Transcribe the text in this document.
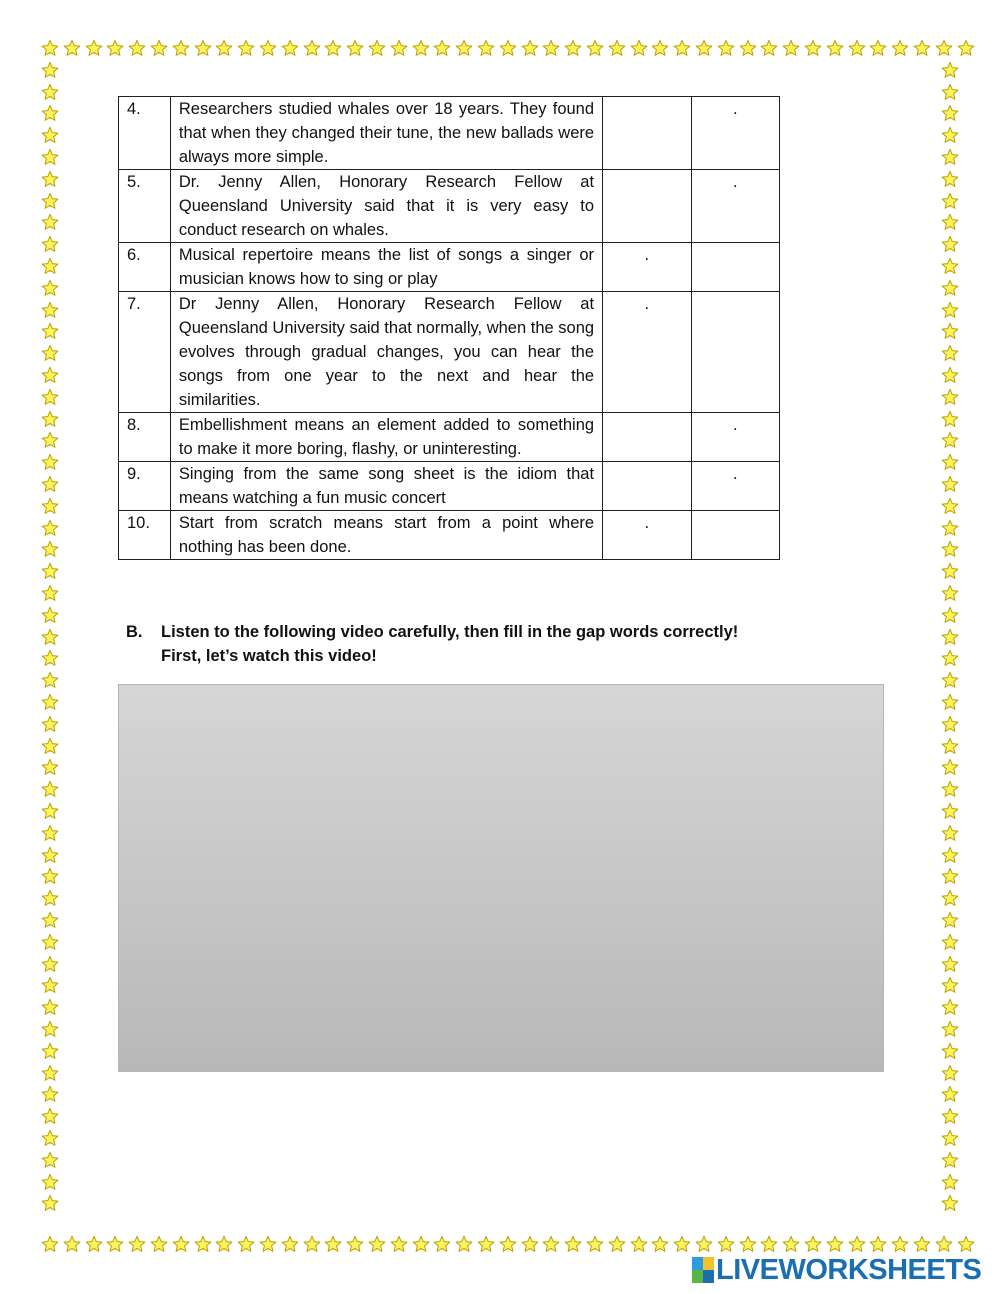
4.	Researchers studied whales over 18 years. They found that when they changed their tune, the new ballads were always more simple.		.
5.	Dr. Jenny Allen, Honorary Research Fellow at Queensland University said that it is very easy to conduct research on whales.		.
6.	Musical repertoire means the list of songs a singer or musician knows how to sing or play	.	
7.	Dr Jenny Allen, Honorary Research Fellow at Queensland University said that normally, when the song evolves through gradual changes, you can hear the songs from one year to the next and hear the similarities.	.	
8.	Embellishment means an element added to something to make it more boring, flashy, or uninteresting.		.
9.	Singing from the same song sheet is the idiom that means watching a fun music concert		.
10.	Start from scratch means start from a point where nothing has been done.	.	
B. Listen to the following video carefully, then fill in the gap words correctly!
First, let’s watch this video!
LIVEWORKSHEETS
